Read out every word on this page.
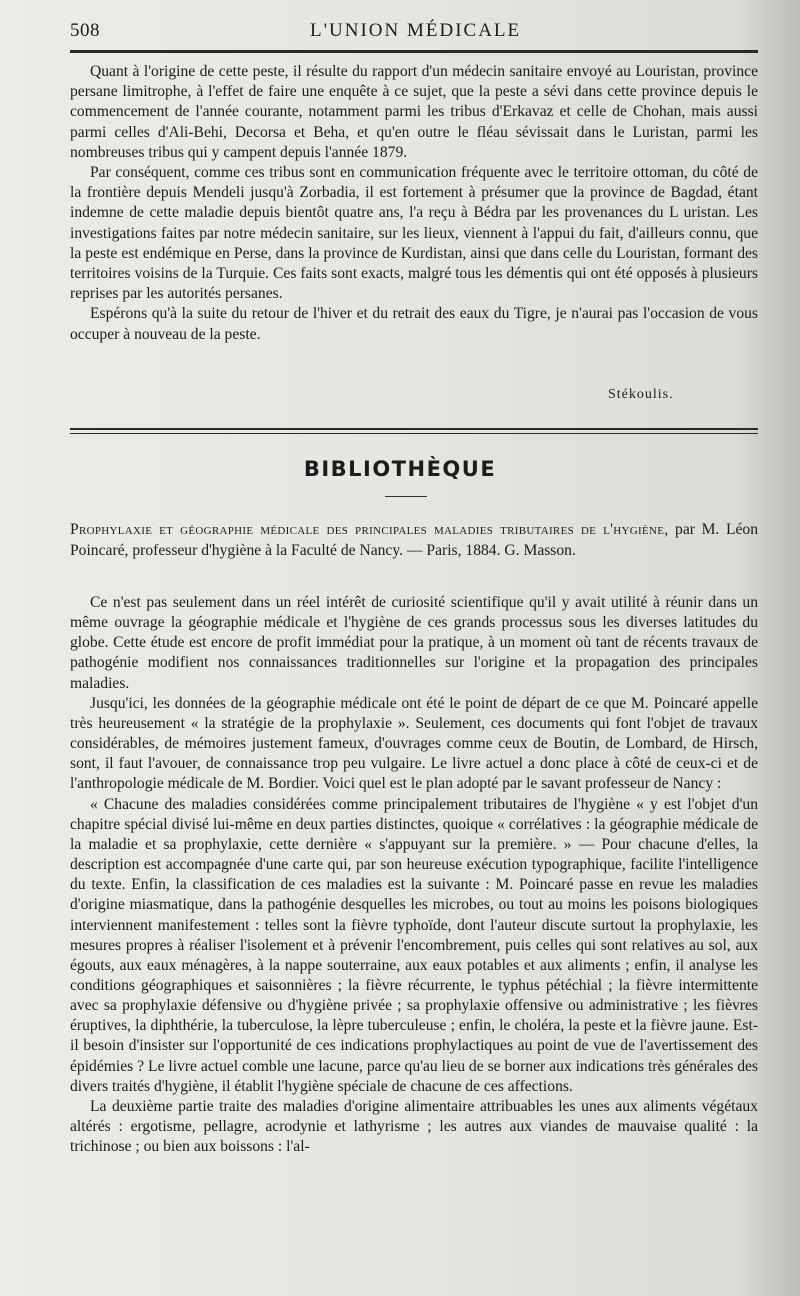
508	L'UNION MÉDICALE

Quant à l'origine de cette peste, il résulte du rapport d'un médecin sanitaire envoyé au Louristan, province persane limitrophe, à l'effet de faire une enquête à ce sujet, que la peste a sévi dans cette province depuis le commencement de l'année courante, notamment parmi les tribus d'Erkavaz et celle de Chohan, mais aussi parmi celles d'Ali-Behi, Decorsa et Beha, et qu'en outre le fléau sévissait dans le Luristan, parmi les nombreuses tribus qui y campent depuis l'année 1879.

Par conséquent, comme ces tribus sont en communication fréquente avec le territoire ottoman, du côté de la frontière depuis Mendeli jusqu'à Zorbadia, il est fortement à présumer que la province de Bagdad, étant indemne de cette maladie depuis bientôt quatre ans, l'a reçu à Bédra par les provenances du L uristan. Les investigations faites par notre médecin sanitaire, sur les lieux, viennent à l'appui du fait, d'ailleurs connu, que la peste est endémique en Perse, dans la province de Kurdistan, ainsi que dans celle du Louristan, formant des territoires voisins de la Turquie. Ces faits sont exacts, malgré tous les démentis qui ont été opposés à plusieurs reprises par les autorités persanes.

Espérons qu'à la suite du retour de l'hiver et du retrait des eaux du Tigre, je n'aurai pas l'occasion de vous occuper à nouveau de la peste.

Stékoulis.
BIBLIOTHÈQUE
Prophylaxie et géographie médicale des principales maladies tributaires de l'hygiène, par M. Léon Poincaré, professeur d'hygiène à la Faculté de Nancy. — Paris, 1884. G. Masson.

Ce n'est pas seulement dans un réel intérêt de curiosité scientifique qu'il y avait utilité à réunir dans un même ouvrage la géographie médicale et l'hygiène de ces grands processus sous les diverses latitudes du globe. Cette étude est encore de profit immédiat pour la pratique, à un moment où tant de récents travaux de pathogénie modifient nos connaissances traditionnelles sur l'origine et la propagation des principales maladies.

Jusqu'ici, les données de la géographie médicale ont été le point de départ de ce que M. Poincaré appelle très heureusement « la stratégie de la prophylaxie ». Seulement, ces documents qui font l'objet de travaux considérables, de mémoires justement fameux, d'ouvrages comme ceux de Boutin, de Lombard, de Hirsch, sont, il faut l'avouer, de connaissance trop peu vulgaire. Le livre actuel a donc place à côté de ceux-ci et de l'anthropologie médicale de M. Bordier. Voici quel est le plan adopté par le savant professeur de Nancy :

« Chacune des maladies considérées comme principalement tributaires de l'hygiène « y est l'objet d'un chapitre spécial divisé lui-même en deux parties distinctes, quoique « corrélatives : la géographie médicale de la maladie et sa prophylaxie, cette dernière « s'appuyant sur la première. » — Pour chacune d'elles, la description est accompagnée d'une carte qui, par son heureuse exécution typographique, facilite l'intelligence du texte. Enfin, la classification de ces maladies est la suivante : M. Poincaré passe en revue les maladies d'origine miasmatique, dans la pathogénie desquelles les microbes, ou tout au moins les poisons biologiques interviennent manifestement : telles sont la fièvre typhoïde, dont l'auteur discute surtout la prophylaxie, les mesures propres à réaliser l'isolement et à prévenir l'encombrement, puis celles qui sont relatives au sol, aux égouts, aux eaux ménagères, à la nappe souterraine, aux eaux potables et aux aliments ; enfin, il analyse les conditions géographiques et saisonnières ; la fièvre récurrente, le typhus pétéchial ; la fièvre intermittente avec sa prophylaxie défensive ou d'hygiène privée ; sa prophylaxie offensive ou administrative ; les fièvres éruptives, la diphthérie, la tuberculose, la lèpre tuberculeuse ; enfin, le choléra, la peste et la fièvre jaune. Est-il besoin d'insister sur l'opportunité de ces indications prophylactiques au point de vue de l'avertissement des épidémies ? Le livre actuel comble une lacune, parce qu'au lieu de se borner aux indications très générales des divers traités d'hygiène, il établit l'hygiène spéciale de chacune de ces affections.

La deuxième partie traite des maladies d'origine alimentaire attribuables les unes aux aliments végétaux altérés : ergotisme, pellagre, acrodynie et lathyrisme ; les autres aux viandes de mauvaise qualité : la trichinose ; ou bien aux boissons : l'al-
